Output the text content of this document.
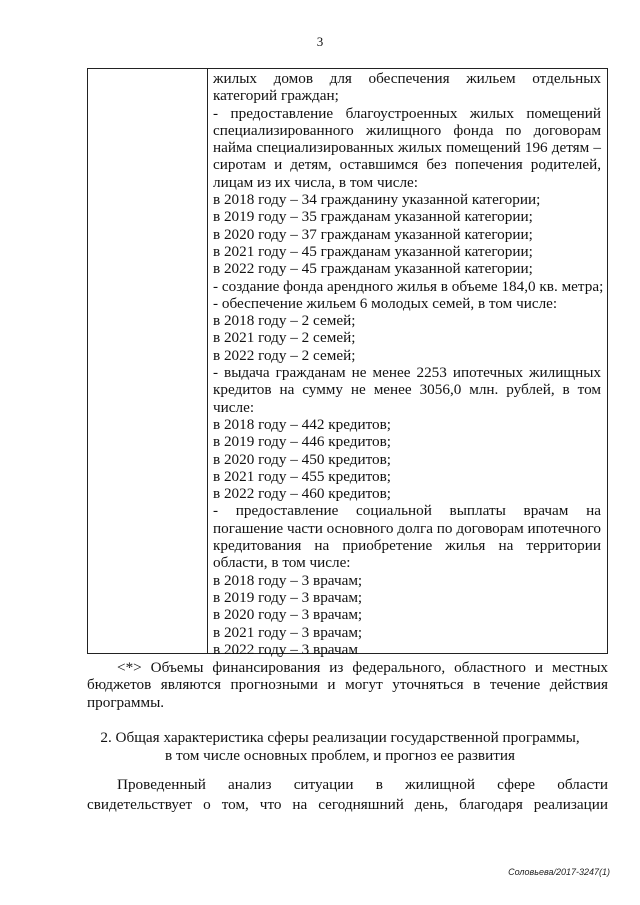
3
жилых домов для обеспечения жильем отдельных
категорий граждан;
- предоставление благоустроенных жилых помещений
специализированного жилищного фонда по договорам
найма специализированных жилых помещений 196 детям –
сиротам и детям, оставшимся без попечения родителей,
лицам из их числа, в том числе:
в 2018 году – 34 гражданину указанной категории;
в 2019 году – 35 гражданам указанной категории;
в 2020 году – 37 гражданам указанной категории;
в 2021 году – 45 гражданам указанной категории;
в 2022 году – 45 гражданам указанной категории;
- создание фонда арендного жилья в объеме 184,0 кв. метра;
- обеспечение жильем 6 молодых семей, в том числе:
в 2018 году – 2 семей;
в 2021 году – 2 семей;
в 2022 году – 2 семей;
- выдача гражданам не менее 2253 ипотечных жилищных
кредитов на сумму не менее 3056,0 млн. рублей, в том
числе:
в 2018 году – 442 кредитов;
в 2019 году – 446 кредитов;
в 2020 году – 450 кредитов;
в 2021 году – 455 кредитов;
в 2022 году – 460 кредитов;
- предоставление социальной выплаты врачам на
погашение части основного долга по договорам ипотечного
кредитования на приобретение жилья на территории
области, в том числе:
в 2018 году – 3 врачам;
в 2019 году – 3 врачам;
в 2020 году – 3 врачам;
в 2021 году – 3 врачам;
в 2022 году – 3 врачам
<*> Объемы финансирования из федерального, областного и местных бюджетов являются прогнозными и могут уточняться в течение действия программы.
2. Общая характеристика сферы реализации государственной программы,
в том числе основных проблем, и прогноз ее развития
Проведенный анализ ситуации в жилищной сфере области
свидетельствует о том, что на сегодняшний день, благодаря реализации
Соловьева/2017-3247(1)
